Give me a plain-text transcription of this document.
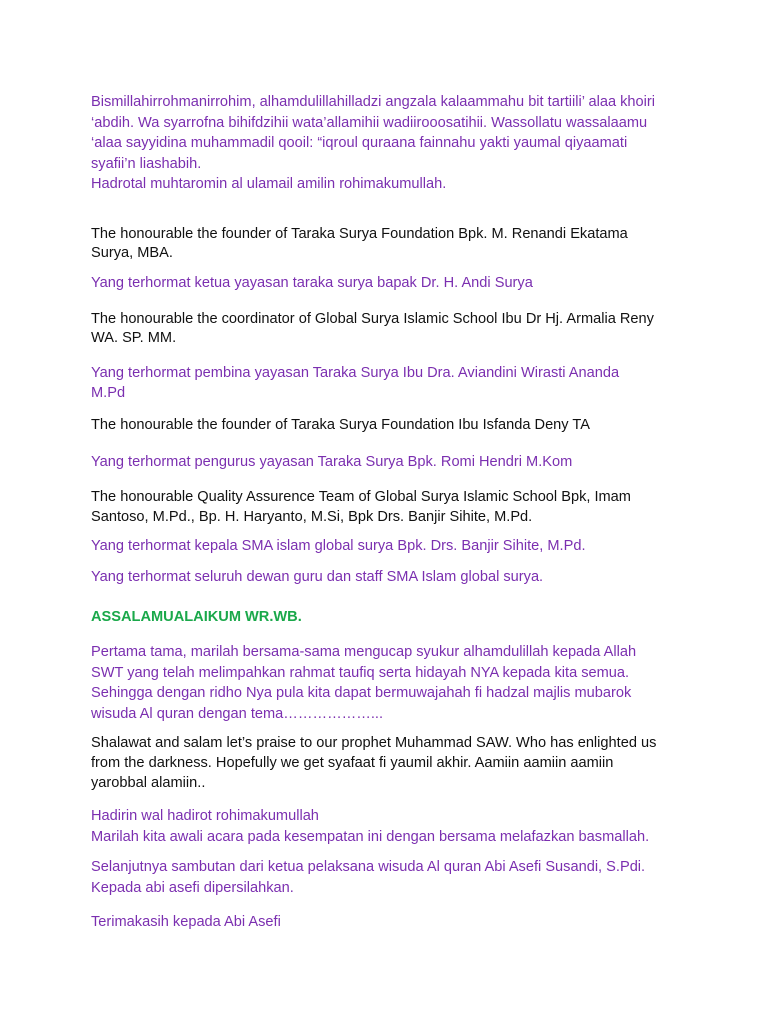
Bismillahirrohmanirrohim, alhamdulillahilladzi angzala kalaammahu bit tartiili’ alaa khoiri
‘abdih. Wa syarrofna bihifdzihii wata’allamihii wadiirooosatihii. Wassollatu wassalaamu
‘alaa sayyidina muhammadil qooil: “iqroul quraana fainnahu yakti yaumal qiyaamati
syafii’n liashabih.
Hadrotal muhtaromin al ulamail amilin rohimakumullah.

The honourable the founder of Taraka Surya Foundation Bpk. M. Renandi Ekatama
Surya, MBA.

Yang terhormat ketua yayasan taraka surya bapak Dr. H. Andi Surya

The honourable the coordinator of Global Surya Islamic School Ibu Dr Hj. Armalia Reny
WA. SP. MM.

Yang terhormat pembina yayasan Taraka Surya Ibu Dra. Aviandini Wirasti Ananda
M.Pd

The honourable the founder of Taraka Surya Foundation Ibu Isfanda Deny TA

Yang terhormat pengurus yayasan Taraka Surya Bpk. Romi Hendri M.Kom

The honourable Quality Assurence Team of Global Surya Islamic School Bpk, Imam
Santoso, M.Pd., Bp. H. Haryanto, M.Si, Bpk Drs. Banjir Sihite, M.Pd.

Yang terhormat kepala SMA islam global surya Bpk. Drs. Banjir Sihite, M.Pd.

Yang terhormat seluruh dewan guru dan staff SMA Islam global surya.

ASSALAMUALAIKUM WR.WB.

Pertama tama, marilah bersama-sama mengucap syukur alhamdulillah kepada Allah
SWT yang telah melimpahkan rahmat taufiq serta hidayah NYA kepada kita semua.
Sehingga dengan ridho Nya pula kita dapat bermuwajahah fi hadzal majlis mubarok
wisuda Al quran dengan tema………………...

Shalawat and salam let’s praise to our prophet Muhammad SAW. Who has enlighted us
from the darkness. Hopefully we get syafaat fi yaumil akhir. Aamiin aamiin aamiin
yarobbal alamiin..

Hadirin wal hadirot rohimakumullah
Marilah kita awali acara pada kesempatan ini dengan bersama melafazkan basmallah.

Selanjutnya sambutan dari ketua pelaksana wisuda Al quran Abi Asefi Susandi, S.Pdi.
Kepada abi asefi dipersilahkan.

Terimakasih kepada Abi Asefi
